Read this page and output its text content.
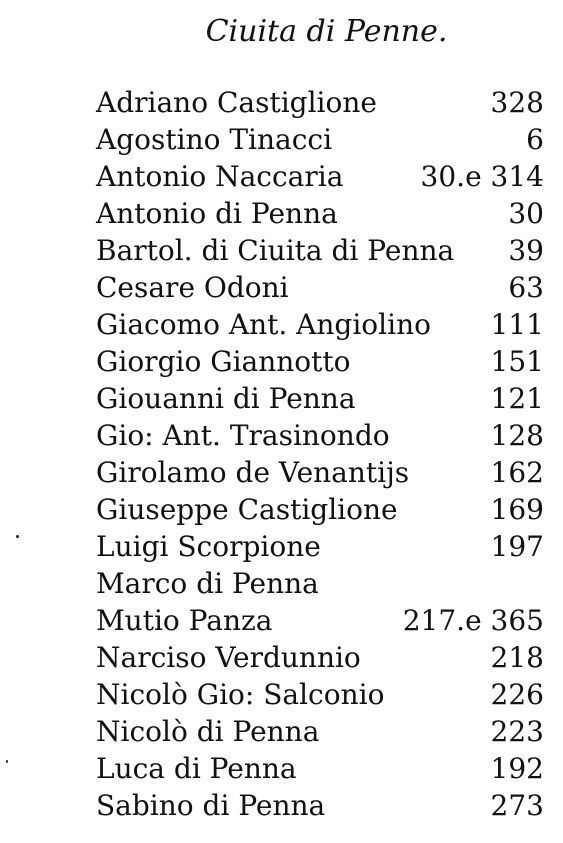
Ciuita di Penne.
Adriano Castiglione	328
Agostino Tinacci	6
Antonio Naccaria	30.e 314
Antonio di Penna	30
Bartol. di Ciuita di Penna 39
Cesare Odoni	63
Giacomo Ant. Angiolino 111
Giorgio Giannotto	151
Giouanni di Penna	121
Gio: Ant. Trasinondo	128
Girolamo de Venantijs	162
Giuseppe Castiglione	169
Luigi Scorpione	197
Marco di Penna
Mutio Panza	217.e 365
Narciso Verdunnio	218
Nicolò Gio: Salconio	226
Nicolò di Penna	223
Luca di Penna	192
Sabino di Penna	273
